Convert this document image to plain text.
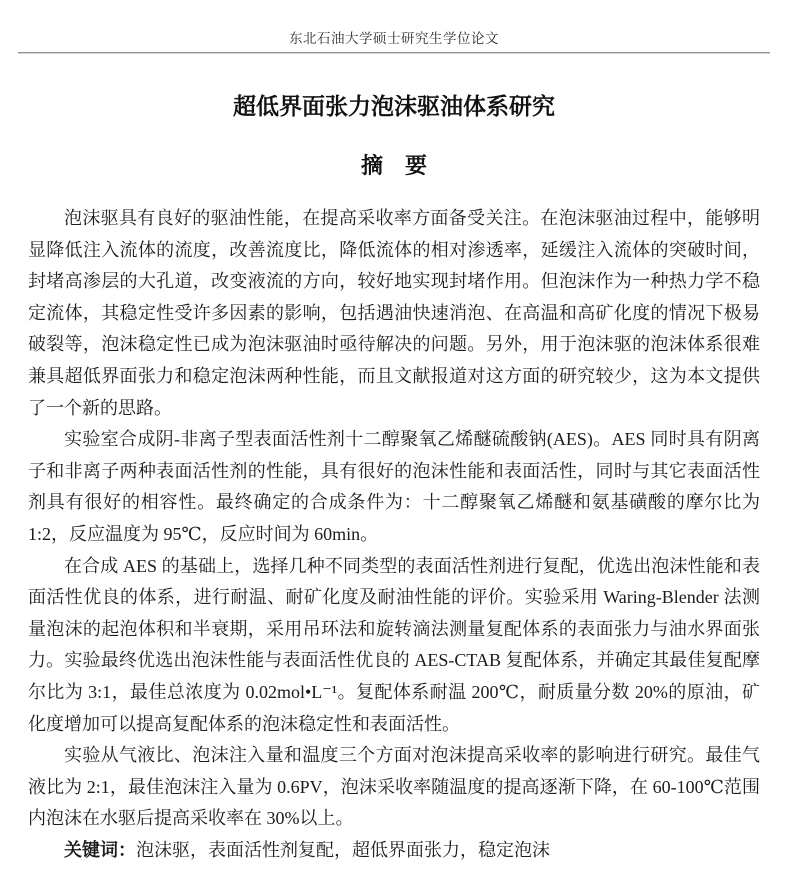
东北石油大学硕士研究生学位论文
超低界面张力泡沫驱油体系研究
摘　要

泡沫驱具有良好的驱油性能，在提高采收率方面备受关注。在泡沫驱油过程中，能够明显降低注入流体的流度，改善流度比，降低流体的相对渗透率，延缓注入流体的突破时间，封堵高渗层的大孔道，改变液流的方向，较好地实现封堵作用。但泡沫作为一种热力学不稳定流体，其稳定性受许多因素的影响，包括遇油快速消泡、在高温和高矿化度的情况下极易破裂等，泡沫稳定性已成为泡沫驱油时亟待解决的问题。另外，用于泡沫驱的泡沫体系很难兼具超低界面张力和稳定泡沫两种性能，而且文献报道对这方面的研究较少，这为本文提供了一个新的思路。

实验室合成阴-非离子型表面活性剂十二醇聚氧乙烯醚硫酸钠(AES)。AES 同时具有阴离子和非离子两种表面活性剂的性能，具有很好的泡沫性能和表面活性，同时与其它表面活性剂具有很好的相容性。最终确定的合成条件为：十二醇聚氧乙烯醚和氨基磺酸的摩尔比为 1:2，反应温度为 95℃，反应时间为 60min。

在合成 AES 的基础上，选择几种不同类型的表面活性剂进行复配，优选出泡沫性能和表面活性优良的体系，进行耐温、耐矿化度及耐油性能的评价。实验采用 Waring-Blender 法测量泡沫的起泡体积和半衰期，采用吊环法和旋转滴法测量复配体系的表面张力与油水界面张力。实验最终优选出泡沫性能与表面活性优良的 AES-CTAB 复配体系，并确定其最佳复配摩尔比为 3:1，最佳总浓度为 0.02mol•L⁻¹。复配体系耐温 200℃，耐质量分数 20%的原油，矿化度增加可以提高复配体系的泡沫稳定性和表面活性。

实验从气液比、泡沫注入量和温度三个方面对泡沫提高采收率的影响进行研究。最佳气液比为 2:1，最佳泡沫注入量为 0.6PV，泡沫采收率随温度的提高逐渐下降，在 60-100℃范围内泡沫在水驱后提高采收率在 30%以上。

关键词：泡沫驱，表面活性剂复配，超低界面张力，稳定泡沫
